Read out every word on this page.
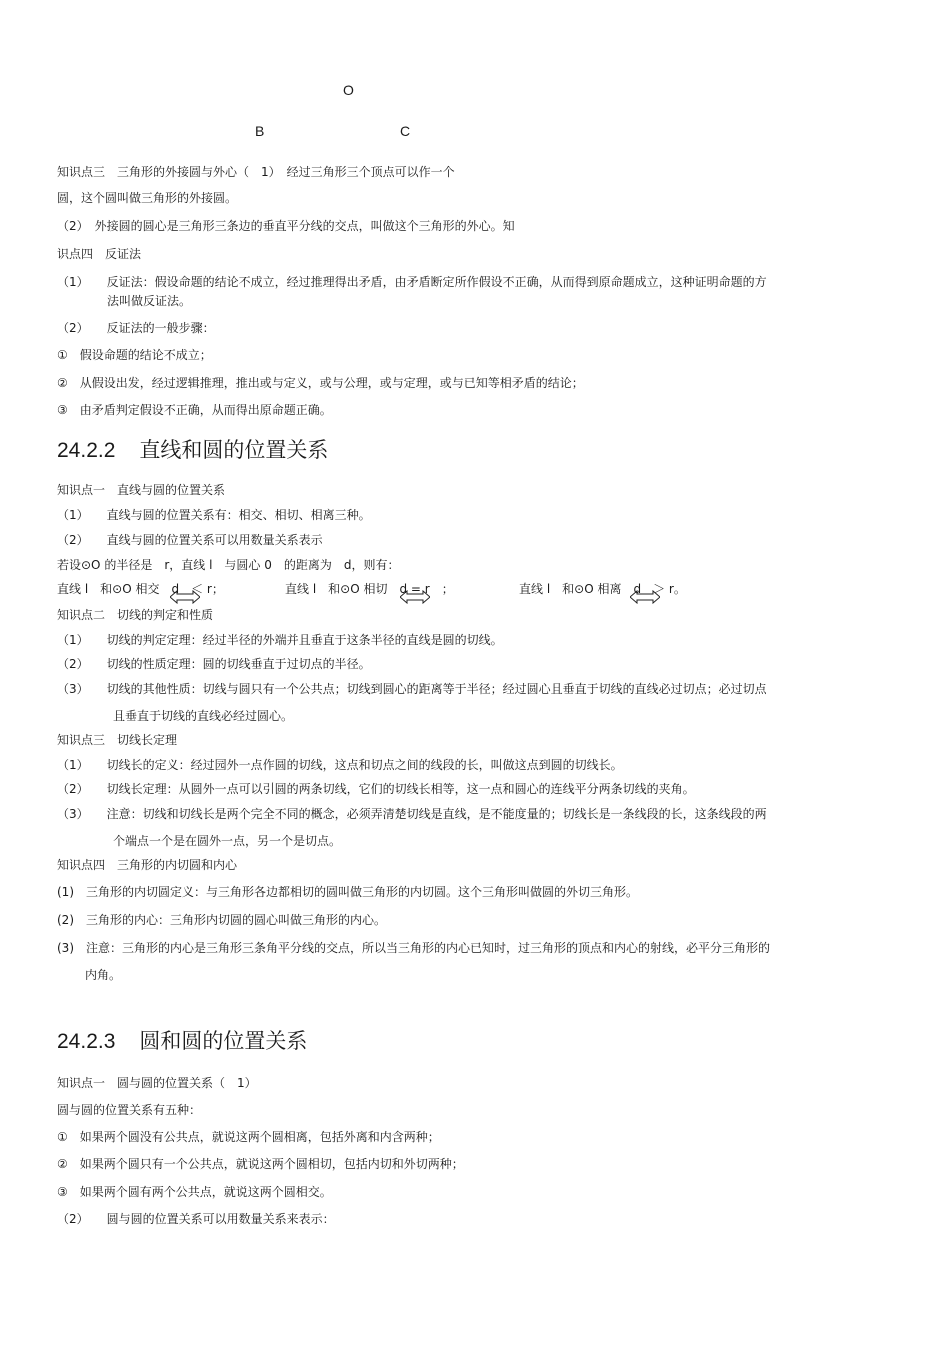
O
B	C
知识点三　三角形的外接圆与外心（　1）　经过三角形三个顶点可以作一个
圆，这个圆叫做三角形的外接圆。
（2）　外接圆的圆心是三角形三条边的垂直平分线的交点，叫做这个三角形的外心。知
识点四　反证法
（1）　　反证法：假设命题的结论不成立，经过推理得出矛盾，由矛盾断定所作假设不正确，从而得到原命题成立，这种证明命题的方
法叫做反证法。
（2）　　反证法的一般步骤：
①　假设命题的结论不成立；
②　从假设出发，经过逻辑推理，推出或与定义，或与公理，或与定理，或与已知等相矛盾的结论；
③　由矛盾判定假设不正确，从而得出原命题正确。
24.2.2 直线和圆的位置关系
知识点一　直线与圆的位置关系
（1）　　直线与圆的位置关系有：相交、相切、相离三种。
（2）　　直线与圆的位置关系可以用数量关系表示
若设⊙O 的半径是　r，直线 l　与圆心 0　的距离为　d，则有：
直线 l　和⊙O 相交　d　＜ r；	直线 l　和⊙O 相切　d = r　；	直线 l　和⊙O 相离　d　＞ r。
知识点二　切线的判定和性质
（1）　　切线的判定定理：经过半径的外端并且垂直于这条半径的直线是圆的切线。
（2）　　切线的性质定理：圆的切线垂直于过切点的半径。
（3）　　切线的其他性质：切线与圆只有一个公共点；切线到圆心的距离等于半径；经过圆心且垂直于切线的直线必过切点；必过切点
且垂直于切线的直线必经过圆心。
知识点三　切线长定理
（1）　　切线长的定义：经过园外一点作圆的切线，这点和切点之间的线段的长，叫做这点到圆的切线长。
（2）　　切线长定理：从圆外一点可以引圆的两条切线，它们的切线长相等，这一点和圆心的连线平分两条切线的夹角。
（3）　　注意：切线和切线长是两个完全不同的概念，必须弄清楚切线是直线，是不能度量的；切线长是一条线段的长，这条线段的两
个端点一个是在圆外一点，另一个是切点。
知识点四　三角形的内切圆和内心
(1)　三角形的内切圆定义：与三角形各边都相切的圆叫做三角形的内切圆。这个三角形叫做圆的外切三角形。
(2)　三角形的内心：三角形内切圆的圆心叫做三角形的内心。
(3)　注意：三角形的内心是三角形三条角平分线的交点，所以当三角形的内心已知时，过三角形的顶点和内心的射线，必平分三角形的
内角。
24.2.3 圆和圆的位置关系
知识点一　圆与圆的位置关系（　1）
圆与圆的位置关系有五种：
①　如果两个圆没有公共点，就说这两个圆相离，包括外离和内含两种；
②　如果两个圆只有一个公共点，就说这两个圆相切，包括内切和外切两种；
③　如果两个圆有两个公共点，就说这两个圆相交。
（2）　　圆与圆的位置关系可以用数量关系来表示：
